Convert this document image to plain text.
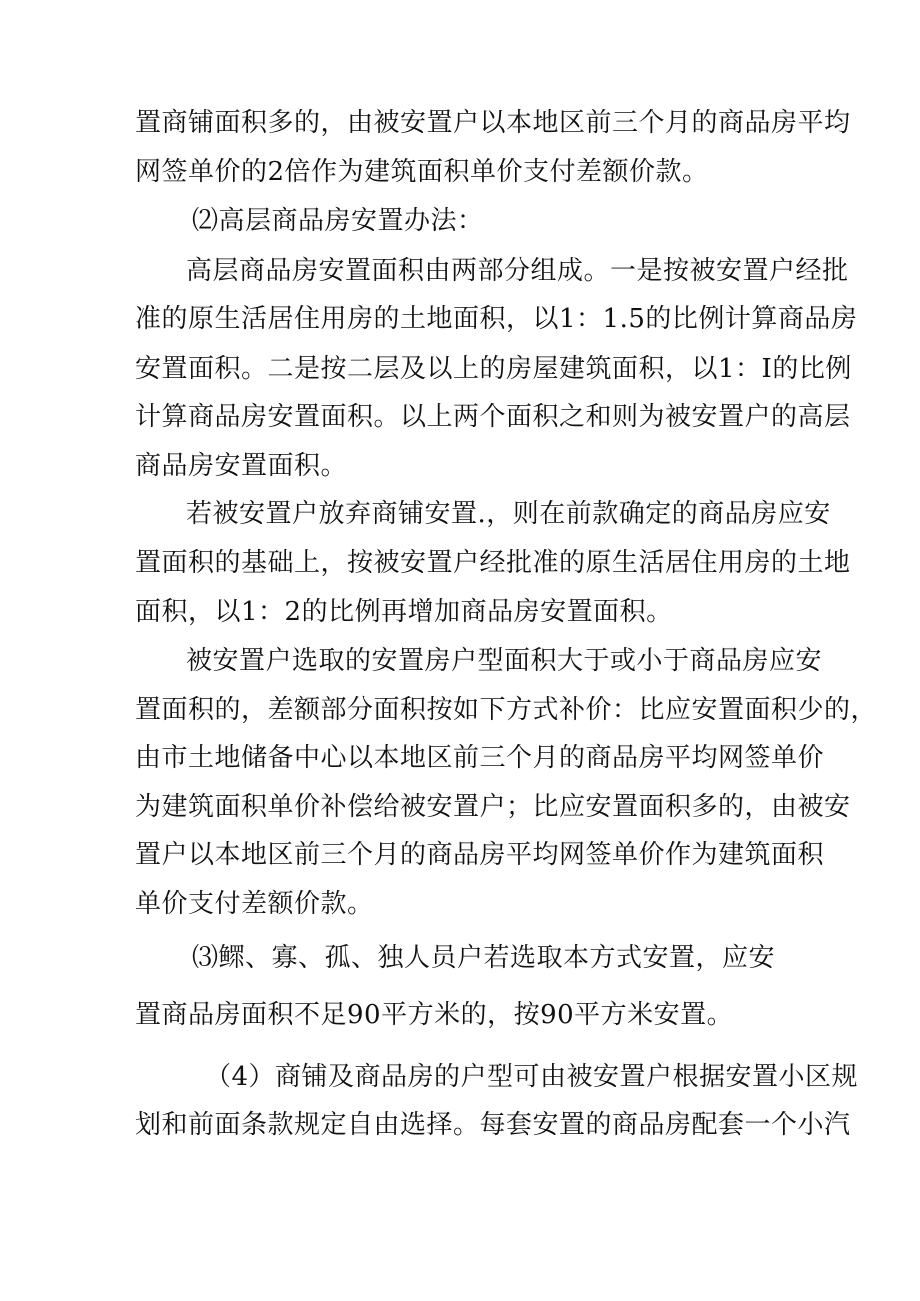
置商铺面积多的，由被安置户以本地区前三个月的商品房平均
网签单价的2倍作为建筑面积单价支付差额价款。
⑵高层商品房安置办法：
高层商品房安置面积由两部分组成。一是按被安置户经批
准的原生活居住用房的土地面积，以1：1.5的比例计算商品房
安置面积。二是按二层及以上的房屋建筑面积，以1：I的比例
计算商品房安置面积。以上两个面积之和则为被安置户的高层
商品房安置面积。
若被安置户放弃商铺安置.，则在前款确定的商品房应安
置面积的基础上，按被安置户经批准的原生活居住用房的土地
面积，以1：2的比例再增加商品房安置面积。
被安置户选取的安置房户型面积大于或小于商品房应安
置面积的，差额部分面积按如下方式补价：比应安置面积少的，
由市土地储备中心以本地区前三个月的商品房平均网签单价
为建筑面积单价补偿给被安置户；比应安置面积多的，由被安
置户以本地区前三个月的商品房平均网签单价作为建筑面积
单价支付差额价款。
⑶鳏、寡、孤、独人员户若选取本方式安置，应安
置商品房面积不足90平方米的，按90平方米安置。
（4）商铺及商品房的户型可由被安置户根据安置小区规
划和前面条款规定自由选择。每套安置的商品房配套一个小汽
